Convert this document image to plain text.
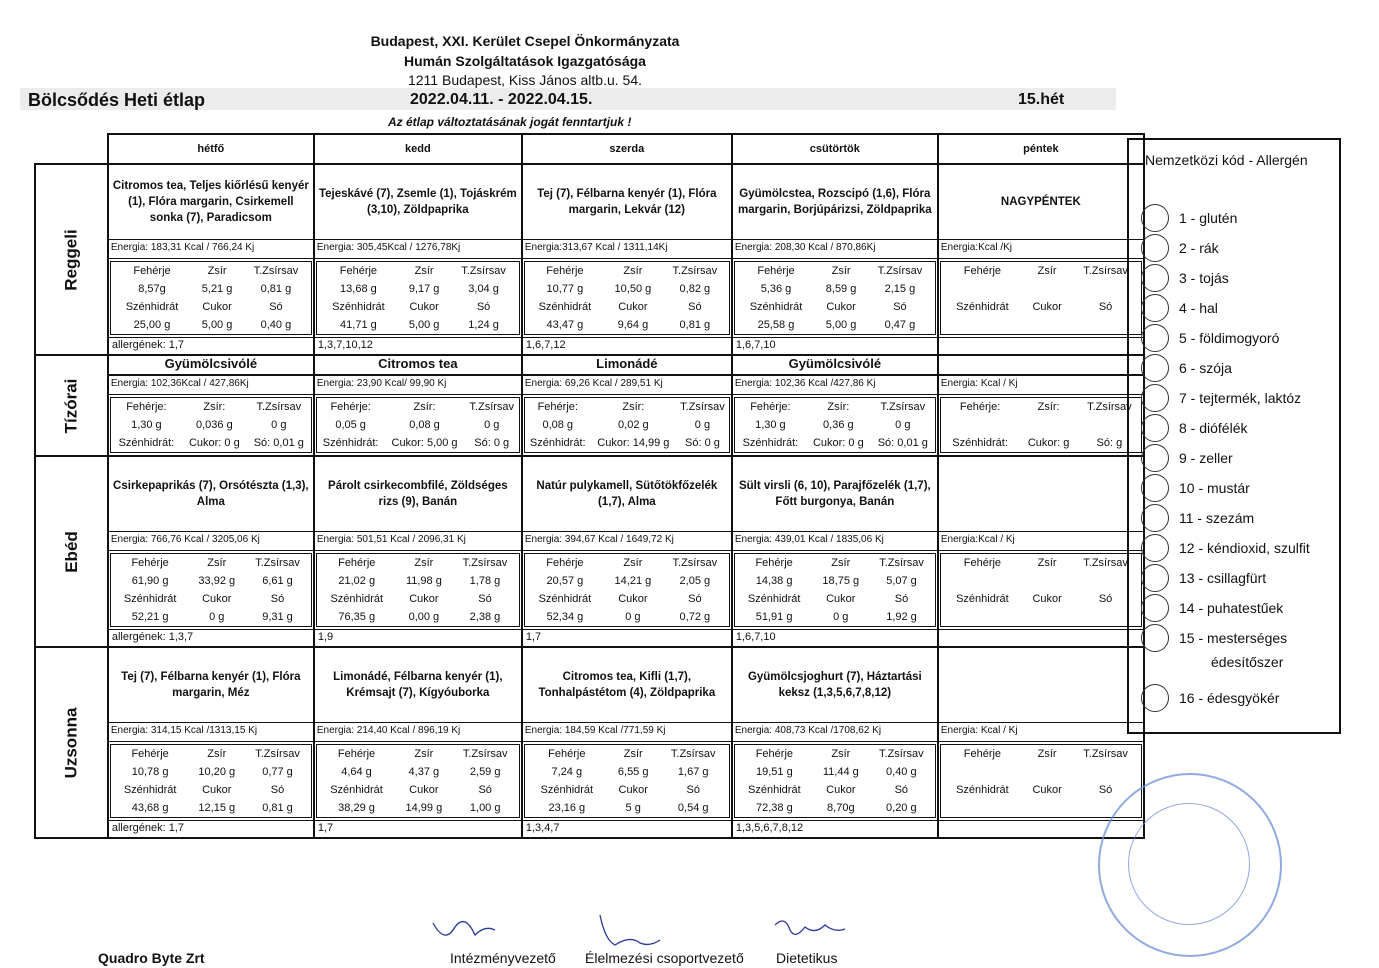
Budapest, XXI. Kerület Csepel Önkormányzata
Humán Szolgáltatások Igazgatósága
1211 Budapest, Kiss János altb.u. 54.
Bölcsődés Heti étlap	2022.04.11. - 2022.04.15.	15.hét
Az étlap változtatásának jogát fenntartjuk !
	hétfő	kedd	szerda	csütörtök	péntek
Reggeli	
Citromos tea, Teljes kiőrlésű kenyér (1), Flóra margarin, Csirkemell sonka (7), Paradicsom
Energia: 183,31 Kcal / 766,24 Kj
Fehérje	Zsír	T.Zsírsav
8,57g	5,21 g	0,81 g
Szénhidrát	Cukor	Só
25,00 g	5,00 g	0,40 g
allergének: 1,7

Tejeskávé (7), Zsemle (1), Tojáskrém (3,10), Zöldpaprika
Energia: 305,45Kcal / 1276,78Kj
Fehérje	Zsír	T.Zsírsav
13,68 g	9,17 g	3,04 g
Szénhidrát	Cukor	Só
41,71 g	5,00 g	1,24 g
1,3,7,10,12

Tej (7), Félbarna kenyér (1), Flóra margarin, Lekvár (12)
Energia:313,67 Kcal / 1311,14Kj
Fehérje	Zsír	T.Zsírsav
10,77 g	10,50 g	0,82 g
Szénhidrát	Cukor	Só
43,47 g	9,64 g	0,81 g
1,6,7,12

Gyümölcstea, Rozscipó (1,6), Flóra margarin, Borjúpárizsi, Zöldpaprika
Energia: 208,30 Kcal / 870,86Kj
Fehérje	Zsír	T.Zsírsav
5,36 g	8,59 g	2,15 g
Szénhidrát	Cukor	Só
25,58 g	5,00 g	0,47 g
1,6,7,10

NAGYPÉNTEK
Energia:Kcal /Kj
Fehérje	Zsír	T.Zsírsav

Szénhidrát	Cukor	Só

Tízórai	
Gyümölcsivólé
Energia: 102,36Kcal / 427,86Kj
Fehérje:	Zsír:	T.Zsírsav
1,30 g	0,036 g	0 g
Szénhidrát:	Cukor: 0 g	Só: 0,01 g

Citromos tea
Energia: 23,90 Kcal/ 99,90 Kj
Fehérje:	Zsír:	T.Zsírsav
0,05 g	0,08 g	0 g
Szénhidrát:	Cukor: 5,00 g	Só: 0 g

Limonádé
Energia: 69,26 Kcal / 289,51 Kj
Fehérje:	Zsír:	T.Zsírsav
0,08 g	0,02 g	0 g
Szénhidrát:	Cukor: 14,99 g	Só: 0 g

Gyümölcsivólé
Energia: 102,36 Kcal /427,86 Kj
Fehérje:	Zsír:	T.Zsírsav
1,30 g	0,36 g	0 g
Szénhidrát:	Cukor: 0 g	Só: 0,01 g

Energia: Kcal / Kj
Fehérje:	Zsír:	T.Zsírsav

Szénhidrát:	Cukor: g	Só: g

Ebéd	
Csirkepaprikás (7), Orsótészta (1,3), Alma
Energia: 766,76 Kcal / 3205,06 Kj
Fehérje	Zsír	T.Zsírsav
61,90 g	33,92 g	6,61 g
Szénhidrát	Cukor	Só
52,21 g	0 g	9,31 g
allergének: 1,3,7

Párolt csirkecombfilé, Zöldséges rizs (9), Banán
Energia: 501,51 Kcal / 2096,31 Kj
Fehérje	Zsír	T.Zsírsav
21,02 g	11,98 g	1,78 g
Szénhidrát	Cukor	Só
76,35 g	0,00 g	2,38 g
1,9

Natúr pulykamell, Sütőtökfőzelék (1,7), Alma
Energia: 394,67 Kcal / 1649,72 Kj
Fehérje	Zsír	T.Zsírsav
20,57 g	14,21 g	2,05 g
Szénhidrát	Cukor	Só
52,34 g	0 g	0,72 g
1,7

Sült virsli (6, 10), Parajfőzelék (1,7), Főtt burgonya, Banán
Energia: 439,01 Kcal / 1835,06 Kj
Fehérje	Zsír	T.Zsírsav
14,38 g	18,75 g	5,07 g
Szénhidrát	Cukor	Só
51,91 g	0 g	1,92 g
1,6,7,10

Energia:Kcal / Kj
Fehérje	Zsír	T.Zsírsav

Szénhidrát	Cukor	Só

Uzsonna	
Tej (7), Félbarna kenyér (1), Flóra margarin, Méz
Energia: 314,15 Kcal /1313,15 Kj
Fehérje	Zsír	T.Zsírsav
10,78 g	10,20 g	0,77 g
Szénhidrát	Cukor	Só
43,68 g	12,15 g	0,81 g
allergének: 1,7

Limonádé, Félbarna kenyér (1), Krémsajt (7), Kígyóuborka
Energia: 214,40 Kcal / 896,19 Kj
Fehérje	Zsír	T.Zsírsav
4,64 g	4,37 g	2,59 g
Szénhidrát	Cukor	Só
38,29 g	14,99 g	1,00 g
1,7

Citromos tea, Kifli (1,7), Tonhalpástétom (4), Zöldpaprika
Energia: 184,59 Kcal /771,59 Kj
Fehérje	Zsír	T.Zsírsav
7,24 g	6,55 g	1,67 g
Szénhidrát	Cukor	Só
23,16 g	5 g	0,54 g
1,3,4,7

Gyümölcsjoghurt (7), Háztartási keksz (1,3,5,6,7,8,12)
Energia: 408,73 Kcal /1708,62 Kj
Fehérje	Zsír	T.Zsírsav
19,51 g	11,44 g	0,40 g
Szénhidrát	Cukor	Só
72,38 g	8,70g	0,20 g
1,3,5,6,7,8,12

Energia: Kcal / Kj
Fehérje	Zsír	T.Zsírsav

Szénhidrát	Cukor	Só

Nemzetközi kód - Allergén
1 - glutén
2 - rák
3 - tojás
4 - hal
5 - földimogyoró
6 - szója
7 - tejtermék, laktóz
8 - diófélék
9 - zeller
10 - mustár
11 - szezám
12 - kéndioxid, szulfit
13 - csillagfürt
14 - puhatestűek
15 - mesterséges
édesítőszer
16 - édesgyökér
Quadro Byte Zrt	Intézményvezető Élelmezési csoportvezető Dietetikus
